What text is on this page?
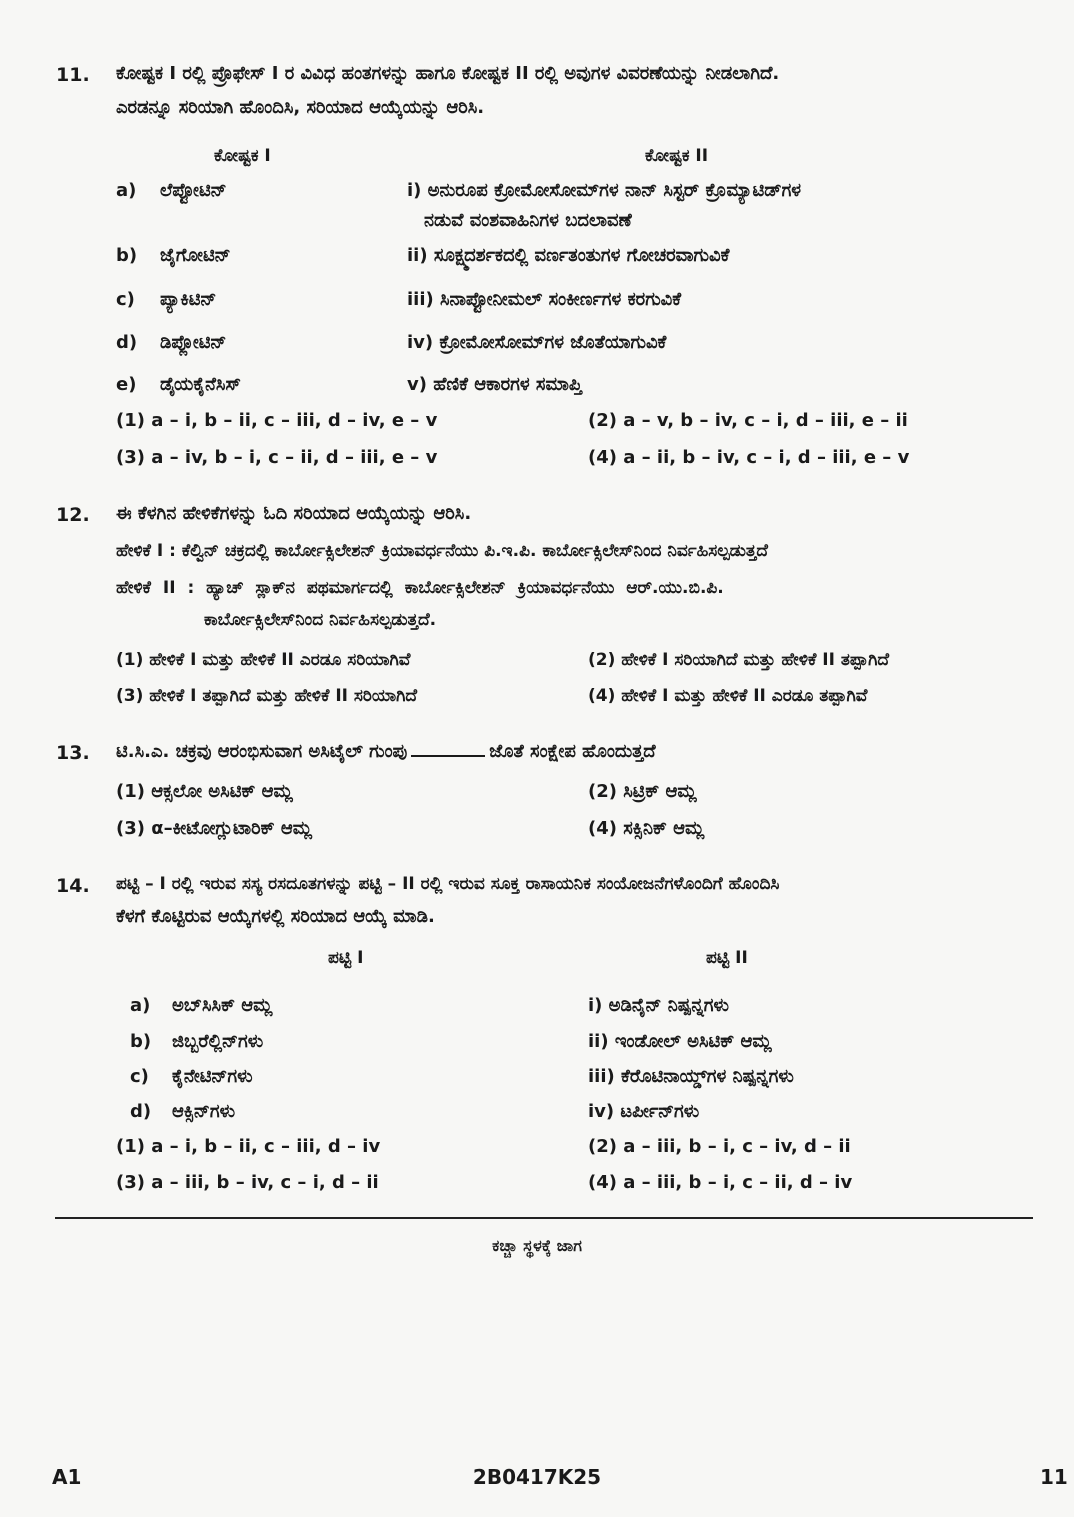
11. ಕೋಷ್ಟಕ I ರಲ್ಲಿ ಪ್ರೊಫೇಸ್ I ರ ವಿವಿಧ ಹಂತಗಳನ್ನು ಹಾಗೂ ಕೋಷ್ಟಕ II ರಲ್ಲಿ ಅವುಗಳ ವಿವರಣೆಯನ್ನು ನೀಡಲಾಗಿದೆ.
ಎರಡನ್ನೂ ಸರಿಯಾಗಿ ಹೊಂದಿಸಿ, ಸರಿಯಾದ ಆಯ್ಕೆಯನ್ನು ಆರಿಸಿ.
ಕೋಷ್ಟಕ I	ಕೋಷ್ಟಕ II
a) ಲೆಪ್ಟೋಟಿನ್	i) ಅನುರೂಪ ಕ್ರೋಮೋಸೋಮ್‌ಗಳ ನಾನ್ ಸಿಸ್ಟರ್ ಕ್ರೊಮ್ಯಾಟಿಡ್‌ಗಳ
ನಡುವೆ ವಂಶವಾಹಿನಿಗಳ ಬದಲಾವಣೆ
b) ಜೈಗೋಟಿನ್	ii) ಸೂಕ್ಷ್ಮದರ್ಶಕದಲ್ಲಿ ವರ್ಣತಂತುಗಳ ಗೋಚರವಾಗುವಿಕೆ
c) ಪ್ಯಾಕಿಟಿನ್	iii) ಸಿನಾಪ್ಟೋನೀಮಲ್ ಸಂಕೀರ್ಣಗಳ ಕರಗುವಿಕೆ
d) ಡಿಪ್ಲೋಟಿನ್	iv) ಕ್ರೋಮೋಸೋಮ್‌ಗಳ ಜೊತೆಯಾಗುವಿಕೆ
e) ಡೈಯಕೈನೆಸಿಸ್	v) ಹೆಣಿಕೆ ಆಕಾರಗಳ ಸಮಾಪ್ತಿ
(1) a – i, b – ii, c – iii, d – iv, e – v	(2) a – v, b – iv, c – i, d – iii, e – ii
(3) a – iv, b – i, c – ii, d – iii, e – v	(4) a – ii, b – iv, c – i, d – iii, e – v
12. ಈ ಕೆಳಗಿನ ಹೇಳಿಕೆಗಳನ್ನು ಓದಿ ಸರಿಯಾದ ಆಯ್ಕೆಯನ್ನು ಆರಿಸಿ.
ಹೇಳಿಕೆ I : ಕೆಲ್ವಿನ್ ಚಕ್ರದಲ್ಲಿ ಕಾರ್ಬೋಕ್ಸಿಲೇಶನ್ ಕ್ರಿಯಾವರ್ಧನೆಯು ಪಿ.ಇ.ಪಿ. ಕಾರ್ಬೋಕ್ಸಿಲೇಸ್‌ನಿಂದ ನಿರ್ವಹಿಸಲ್ಪಡುತ್ತದೆ
ಹೇಳಿಕೆ II : ಹ್ಯಾಚ್ ಸ್ಲಾಕ್‌ನ ಪಥಮಾರ್ಗದಲ್ಲಿ ಕಾರ್ಬೋಕ್ಸಿಲೇಶನ್ ಕ್ರಿಯಾವರ್ಧನೆಯು ಆರ್.ಯು.ಬಿ.ಪಿ.
ಕಾರ್ಬೋಕ್ಸಿಲೇಸ್‌ನಿಂದ ನಿರ್ವಹಿಸಲ್ಪಡುತ್ತದೆ.
(1) ಹೇಳಿಕೆ I ಮತ್ತು ಹೇಳಿಕೆ II ಎರಡೂ ಸರಿಯಾಗಿವೆ	(2) ಹೇಳಿಕೆ I ಸರಿಯಾಗಿದೆ ಮತ್ತು ಹೇಳಿಕೆ II ತಪ್ಪಾಗಿದೆ
(3) ಹೇಳಿಕೆ I ತಪ್ಪಾಗಿದೆ ಮತ್ತು ಹೇಳಿಕೆ II ಸರಿಯಾಗಿದೆ	(4) ಹೇಳಿಕೆ I ಮತ್ತು ಹೇಳಿಕೆ II ಎರಡೂ ತಪ್ಪಾಗಿವೆ
13. ಟಿ.ಸಿ.ಎ. ಚಕ್ರವು ಆರಂಭಿಸುವಾಗ ಅಸಿಟೈಲ್ ಗುಂಪು	ಜೊತೆ ಸಂಕ್ಷೇಪ ಹೊಂದುತ್ತದೆ
(1) ಆಕ್ಸಲೋ ಅಸಿಟಿಕ್ ಆಮ್ಲ	(2) ಸಿಟ್ರಿಕ್ ಆಮ್ಲ
(3) α–ಕೀಟೋಗ್ಲುಟಾರಿಕ್ ಆಮ್ಲ	(4) ಸಕ್ಸಿನಿಕ್ ಆಮ್ಲ
14. ಪಟ್ಟಿ – I ರಲ್ಲಿ ಇರುವ ಸಸ್ಯ ರಸದೂತಗಳನ್ನು ಪಟ್ಟಿ – II ರಲ್ಲಿ ಇರುವ ಸೂಕ್ತ ರಾಸಾಯನಿಕ ಸಂಯೋಜನೆಗಳೊಂದಿಗೆ ಹೊಂದಿಸಿ
ಕೆಳಗೆ ಕೊಟ್ಟಿರುವ ಆಯ್ಕೆಗಳಲ್ಲಿ ಸರಿಯಾದ ಆಯ್ಕೆ ಮಾಡಿ.
ಪಟ್ಟಿ I	ಪಟ್ಟಿ II
a) ಅಬ್‌ಸಿಸಿಕ್ ಆಮ್ಲ	i) ಅಡಿನೈನ್ ನಿಷ್ಪನ್ನಗಳು
b) ಜಿಬ್ಬರೆಲ್ಲಿನ್‌ಗಳು	ii) ಇಂಡೋಲ್ ಅಸಿಟಿಕ್ ಆಮ್ಲ
c) ಕೈನೇಟಿನ್‌ಗಳು	iii) ಕೆರೊಟಿನಾಯ್ಡ್‌ಗಳ ನಿಷ್ಪನ್ನಗಳು
d) ಆಕ್ಸಿನ್‌ಗಳು	iv) ಟರ್ಪೀನ್‌ಗಳು
(1) a – i, b – ii, c – iii, d – iv	(2) a – iii, b – i, c – iv, d – ii
(3) a – iii, b – iv, c – i, d – ii	(4) a – iii, b – i, c – ii, d – iv
ಕಚ್ಚಾ ಸ್ಥಳಕ್ಕೆ ಜಾಗ
A1	2B0417K25	11
